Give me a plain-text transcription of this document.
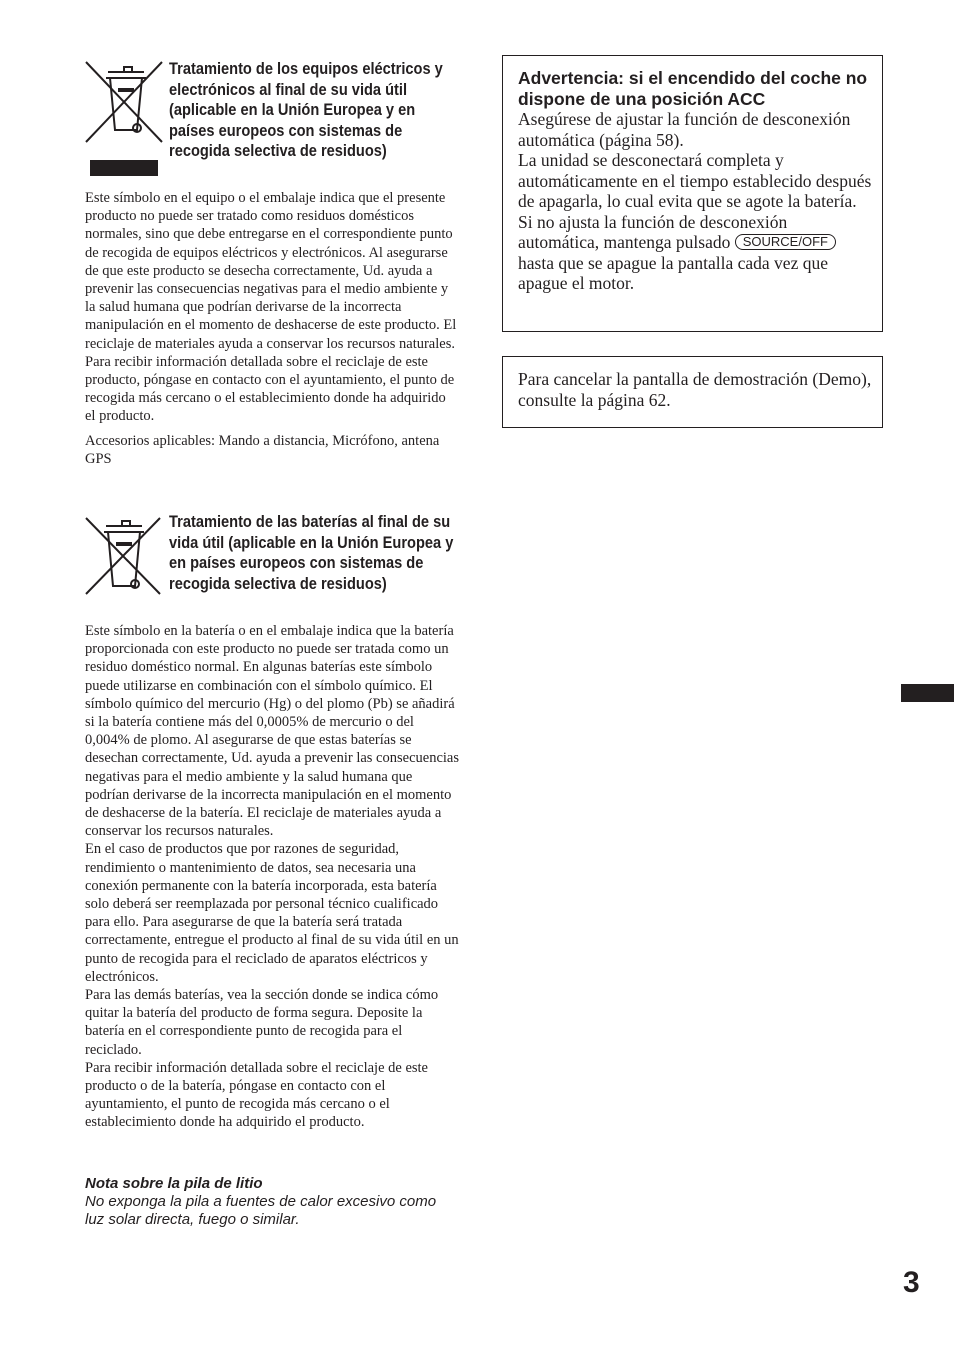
Tratamiento de los equipos eléctricos y electrónicos al final de su vida útil (aplicable en la Unión Europea y en países europeos con sistemas de recogida selectiva de residuos)

Este símbolo en el equipo o el embalaje indica que el presente producto no puede ser tratado como residuos domésticos normales, sino que debe entregarse en el correspondiente punto de recogida de equipos eléctricos y electrónicos. Al asegurarse de que este producto se desecha correctamente, Ud. ayuda a prevenir las consecuencias negativas para el medio ambiente y la salud humana que podrían derivarse de la incorrecta manipulación en el momento de deshacerse de este producto. El reciclaje de materiales ayuda a conservar los recursos naturales. Para recibir información detallada sobre el reciclaje de este producto, póngase en contacto con el ayuntamiento, el punto de recogida más cercano o el establecimiento donde ha adquirido el producto.

Accesorios aplicables: Mando a distancia, Micrófono, antena GPS

Tratamiento de las baterías al final de su vida útil (aplicable en la Unión Europea y en países europeos con sistemas de recogida selectiva de residuos)

Este símbolo en la batería o en el embalaje indica que la batería proporcionada con este producto no puede ser tratada como un residuo doméstico normal. En algunas baterías este símbolo puede utilizarse en combinación con el símbolo químico. El símbolo químico del mercurio (Hg) o del plomo (Pb) se añadirá si la batería contiene más del 0,0005% de mercurio o del 0,004% de plomo. Al asegurarse de que estas baterías se desechan correctamente, Ud. ayuda a prevenir las consecuencias negativas para el medio ambiente y la salud humana que podrían derivarse de la incorrecta manipulación en el momento de deshacerse de la batería. El reciclaje de materiales ayuda a conservar los recursos naturales.

En el caso de productos que por razones de seguridad, rendimiento o mantenimiento de datos, sea necesaria una conexión permanente con la batería incorporada, esta batería solo deberá ser reemplazada por personal técnico cualificado para ello. Para asegurarse de que la batería será tratada correctamente, entregue el producto al final de su vida útil en un punto de recogida para el reciclado de aparatos eléctricos y electrónicos.

Para las demás baterías, vea la sección donde se indica cómo quitar la batería del producto de forma segura. Deposite la batería en el correspondiente punto de recogida para el reciclado.

Para recibir información detallada sobre el reciclaje de este producto o de la batería, póngase en contacto con el ayuntamiento, el punto de recogida más cercano o el establecimiento donde ha adquirido el producto.

Nota sobre la pila de litio
No exponga la pila a fuentes de calor excesivo como luz solar directa, fuego o similar.
Advertencia: si el encendido del coche no dispone de una posición ACC

Asegúrese de ajustar la función de desconexión automática (página 58).

La unidad se desconectará completa y automáticamente en el tiempo establecido después de apagarla, lo cual evita que se agote la batería.

Si no ajusta la función de desconexión automática, mantenga pulsado SOURCE/OFF hasta que se apague la pantalla cada vez que apague el motor.

Para cancelar la pantalla de demostración (Demo), consulte la página 62.
3
